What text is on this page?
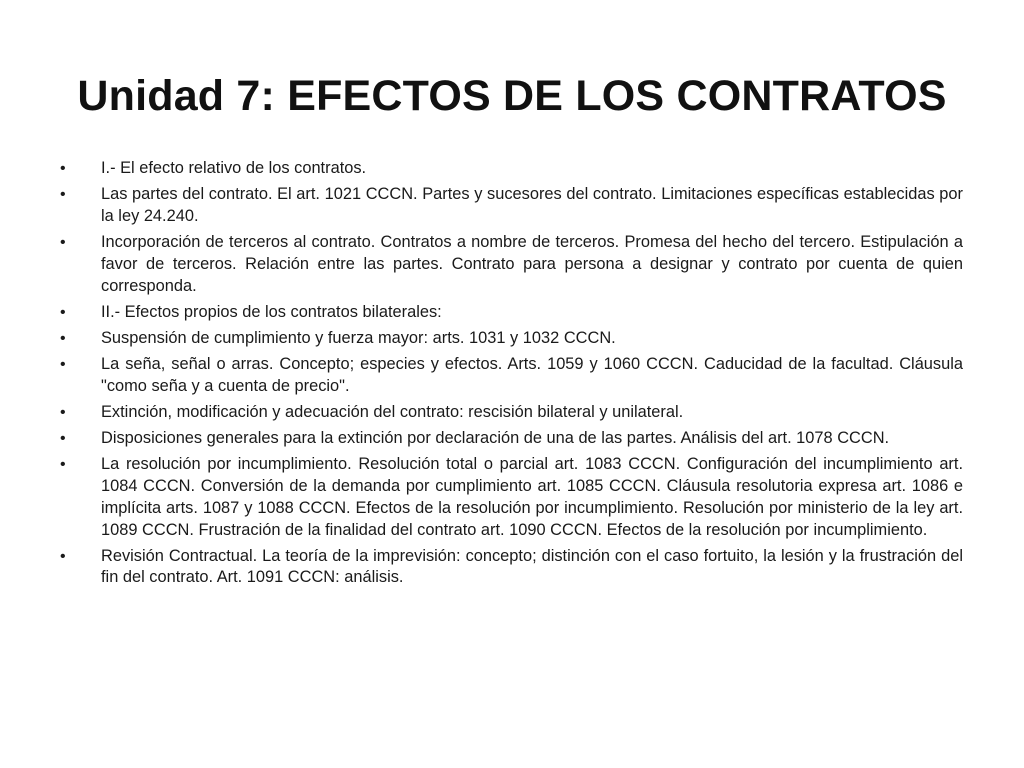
Unidad 7: EFECTOS DE LOS CONTRATOS
•	I.- El efecto relativo de los contratos.
•	Las partes del contrato. El art. 1021 CCCN. Partes y sucesores del contrato. Limitaciones específicas establecidas por la ley 24.240.
•	Incorporación de terceros al contrato. Contratos a nombre de terceros. Promesa del hecho del tercero. Estipulación a favor de terceros. Relación entre las partes. Contrato para persona a designar y contrato por cuenta de quien corresponda.
•	II.- Efectos propios de los contratos bilaterales:
•	Suspensión de cumplimiento y fuerza mayor: arts. 1031 y 1032 CCCN.
•	La seña, señal o arras. Concepto; especies y efectos. Arts. 1059 y 1060 CCCN. Caducidad de la facultad. Cláusula "como seña y a cuenta de precio".
•	Extinción, modificación y adecuación del contrato: rescisión bilateral y unilateral.
•	Disposiciones generales para la extinción por declaración de una de las partes. Análisis del art. 1078 CCCN.
•	La resolución por incumplimiento. Resolución total o parcial art. 1083 CCCN. Configuración del incumplimiento art. 1084 CCCN. Conversión de la demanda por cumplimiento art. 1085 CCCN. Cláusula resolutoria expresa art. 1086 e implícita arts. 1087 y 1088 CCCN. Efectos de la resolución por incumplimiento. Resolución por ministerio de la ley art. 1089 CCCN. Frustración de la finalidad del contrato art. 1090 CCCN. Efectos de la resolución por incumplimiento.
•	Revisión Contractual. La teoría de la imprevisión: concepto; distinción con el caso fortuito, la lesión y la frustración del fin del contrato. Art. 1091 CCCN: análisis.
